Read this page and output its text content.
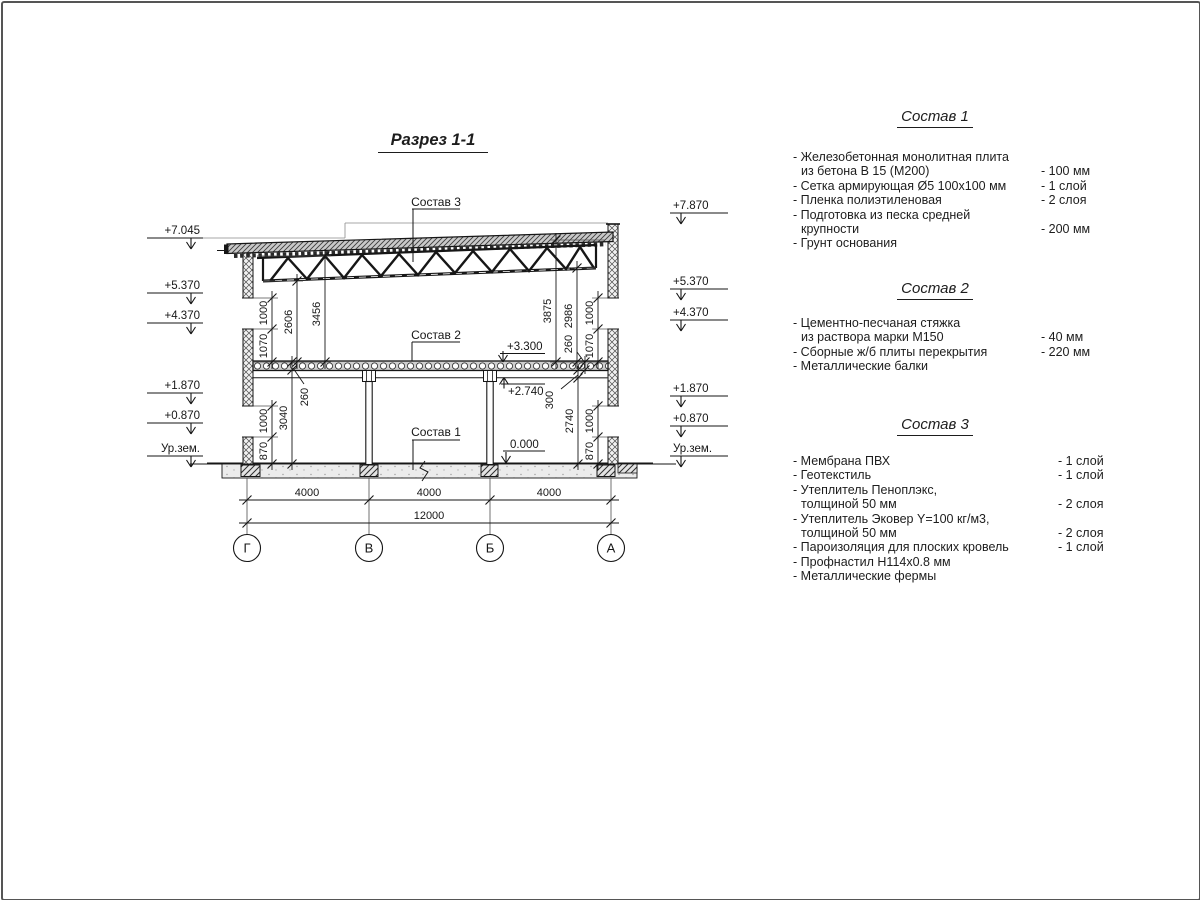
Разрез 1-1
Состав 3
Состав 2
Состав 1
+7.045
+5.370
+4.370
+1.870
+0.870
Ур.зем.
+7.870
+5.370
+4.370
+1.870
+0.870
Ур.зем.
+3.300
+2.740
0.000
1000
1070
2606 3456
260
3040
1000
870
1000
1070
2986
3875
260
300
2740 1000
870
4000	4000	4000
12000
Г	В	Б	А
Состав 1
- Железобетонная монолитная плита
из бетона В 15 (М200)	- 100 мм
- Сетка армирующая Ø5 100х100 мм	- 1 слой
- Пленка полиэтиленовая	- 2 слоя
- Подготовка из песка средней
крупности	- 200 мм
- Грунт основания
Состав 2
- Цементно-песчаная стяжка
из раствора марки М150	- 40 мм
- Сборные ж/б плиты перекрытия	- 220 мм
- Металлические балки
Состав 3
- Мембрана ПВХ	- 1 слой
- Геотекстиль	- 1 слой
- Утеплитель Пеноплэкс,
толщиной 50 мм	- 2 слоя
- Утеплитель Эковер Y=100 кг/м3,
толщиной 50 мм	- 2 слоя
- Пароизоляция для плоских кровель	- 1 слой
- Профнастил Н114х0.8 мм
- Металлические фермы
